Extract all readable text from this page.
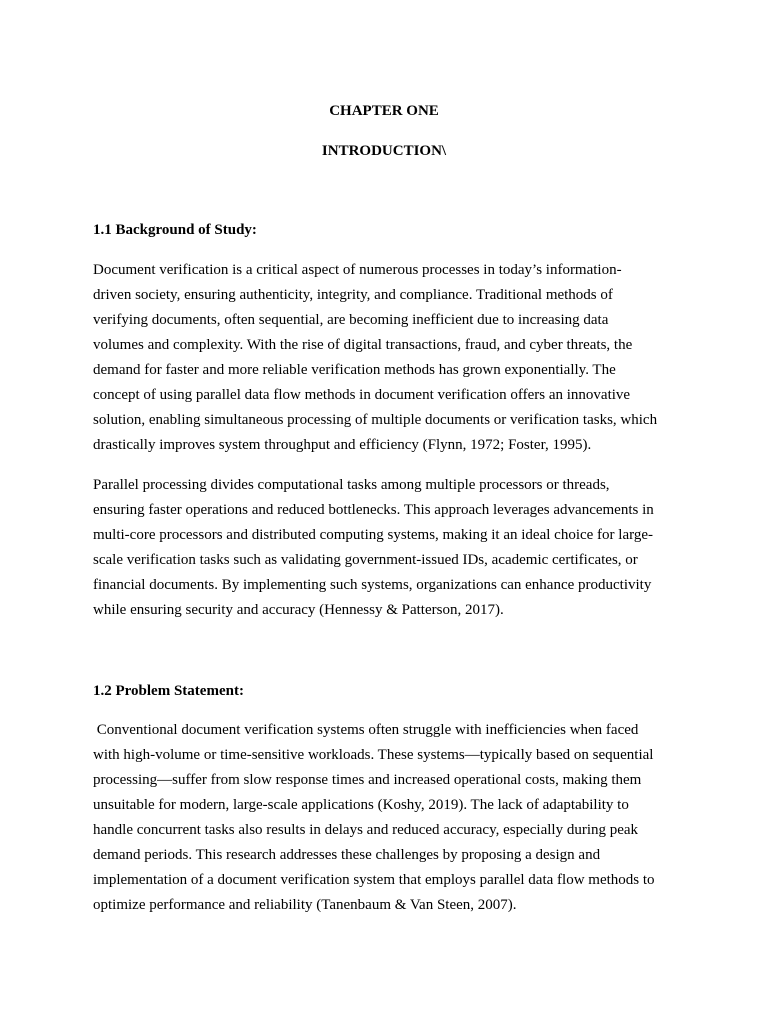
CHAPTER ONE
INTRODUCTION\
1.1 Background of Study:
Document verification is a critical aspect of numerous processes in today’s information-
driven society, ensuring authenticity, integrity, and compliance. Traditional methods of
verifying documents, often sequential, are becoming inefficient due to increasing data
volumes and complexity. With the rise of digital transactions, fraud, and cyber threats, the
demand for faster and more reliable verification methods has grown exponentially. The
concept of using parallel data flow methods in document verification offers an innovative
solution, enabling simultaneous processing of multiple documents or verification tasks, which
drastically improves system throughput and efficiency (Flynn, 1972; Foster, 1995).
Parallel processing divides computational tasks among multiple processors or threads,
ensuring faster operations and reduced bottlenecks. This approach leverages advancements in
multi-core processors and distributed computing systems, making it an ideal choice for large-
scale verification tasks such as validating government-issued IDs, academic certificates, or
financial documents. By implementing such systems, organizations can enhance productivity
while ensuring security and accuracy (Hennessy & Patterson, 2017).
1.2 Problem Statement:
Conventional document verification systems often struggle with inefficiencies when faced
with high-volume or time-sensitive workloads. These systems—typically based on sequential
processing—suffer from slow response times and increased operational costs, making them
unsuitable for modern, large-scale applications (Koshy, 2019). The lack of adaptability to
handle concurrent tasks also results in delays and reduced accuracy, especially during peak
demand periods. This research addresses these challenges by proposing a design and
implementation of a document verification system that employs parallel data flow methods to
optimize performance and reliability (Tanenbaum & Van Steen, 2007).
